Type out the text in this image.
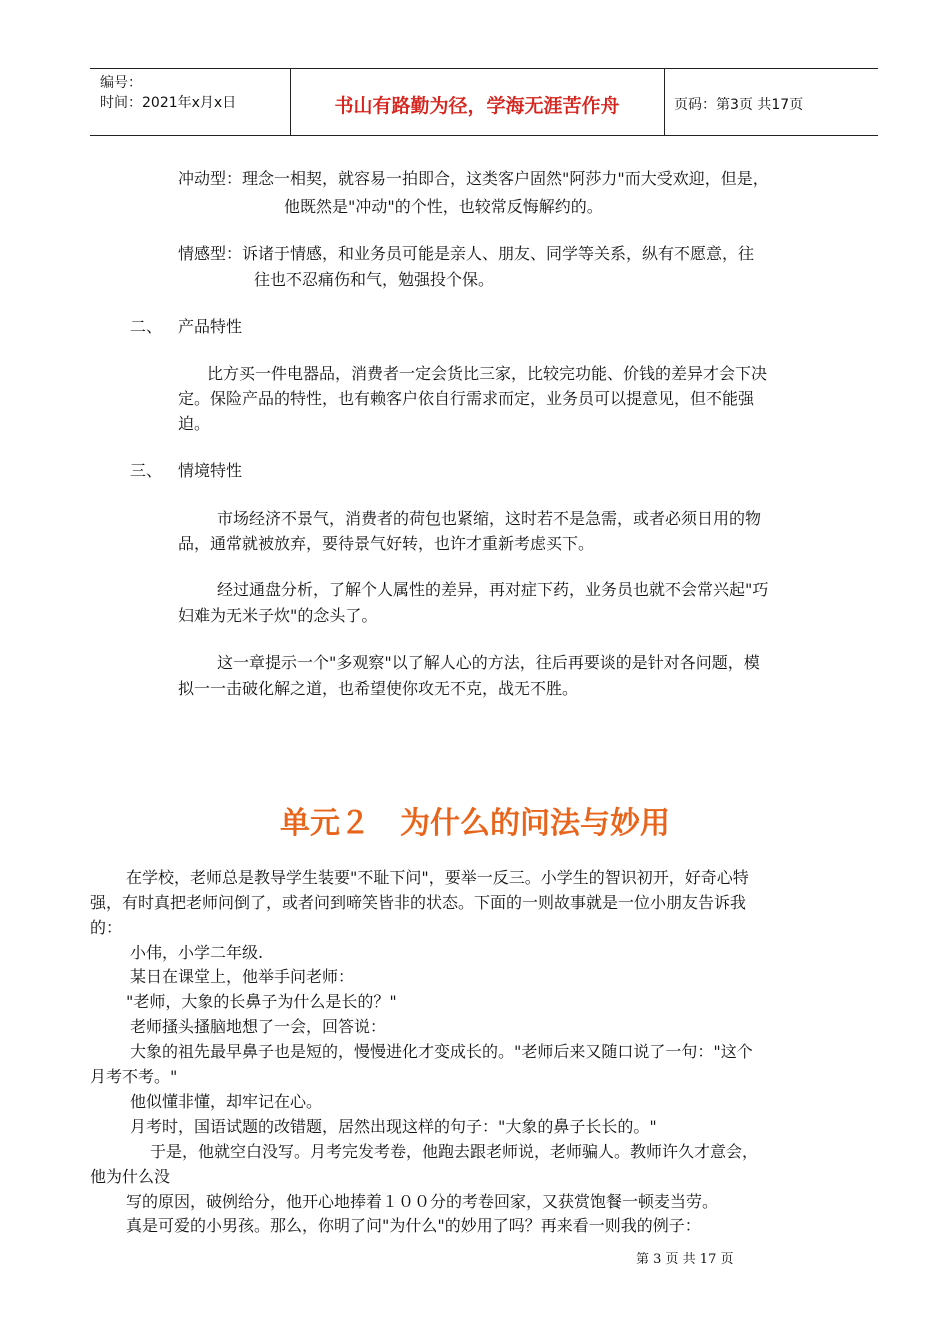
编号：
时间：2021年x月x日	书山有路勤为径，学海无涯苦作舟	页码：第3页 共17页
冲动型：理念一相契，就容易一拍即合，这类客户固然"阿莎力"而大受欢迎，但是，
他既然是"冲动"的个性，也较常反悔解约的。
情感型：诉诸于情感，和业务员可能是亲人、朋友、同学等关系，纵有不愿意，往
往也不忍痛伤和气，勉强投个保。
二、 产品特性
比方买一件电器品，消费者一定会货比三家，比较完功能、价钱的差异才会下决
定。保险产品的特性，也有赖客户依自行需求而定，业务员可以提意见，但不能强
迫。
三、 情境特性
市场经济不景气，消费者的荷包也紧缩，这时若不是急需，或者必须日用的物
品，通常就被放弃，要待景气好转，也许才重新考虑买下。
经过通盘分析，了解个人属性的差异，再对症下药，业务员也就不会常兴起"巧
妇难为无米子炊"的念头了。
这一章提示一个"多观察"以了解人心的方法，往后再要谈的是针对各问题，模
拟一一击破化解之道，也希望使你攻无不克，战无不胜。
单元２　为什么的问法与妙用
在学校，老师总是教导学生装要"不耻下问"，要举一反三。小学生的智识初开，好奇心特
强，有时真把老师问倒了，或者问到啼笑皆非的状态。下面的一则故事就是一位小朋友告诉我
的：
小伟，小学二年级.
某日在课堂上，他举手问老师：
"老师，大象的长鼻子为什么是长的？"
老师搔头搔脑地想了一会，回答说：
大象的祖先最早鼻子也是短的，慢慢进化才变成长的。"老师后来又随口说了一句："这个
月考不考。"
他似懂非懂，却牢记在心。
月考时，国语试题的改错题，居然出现这样的句子："大象的鼻子长长的。"
于是，他就空白没写。月考完发考卷，他跑去跟老师说，老师骗人。教师许久才意会，
他为什么没
写的原因，破例给分，他开心地捧着１００分的考卷回家，又获赏饱餐一顿麦当劳。
真是可爱的小男孩。那么，你明了问"为什么"的妙用了吗？再来看一则我的例子：
第 3 页 共 17 页
